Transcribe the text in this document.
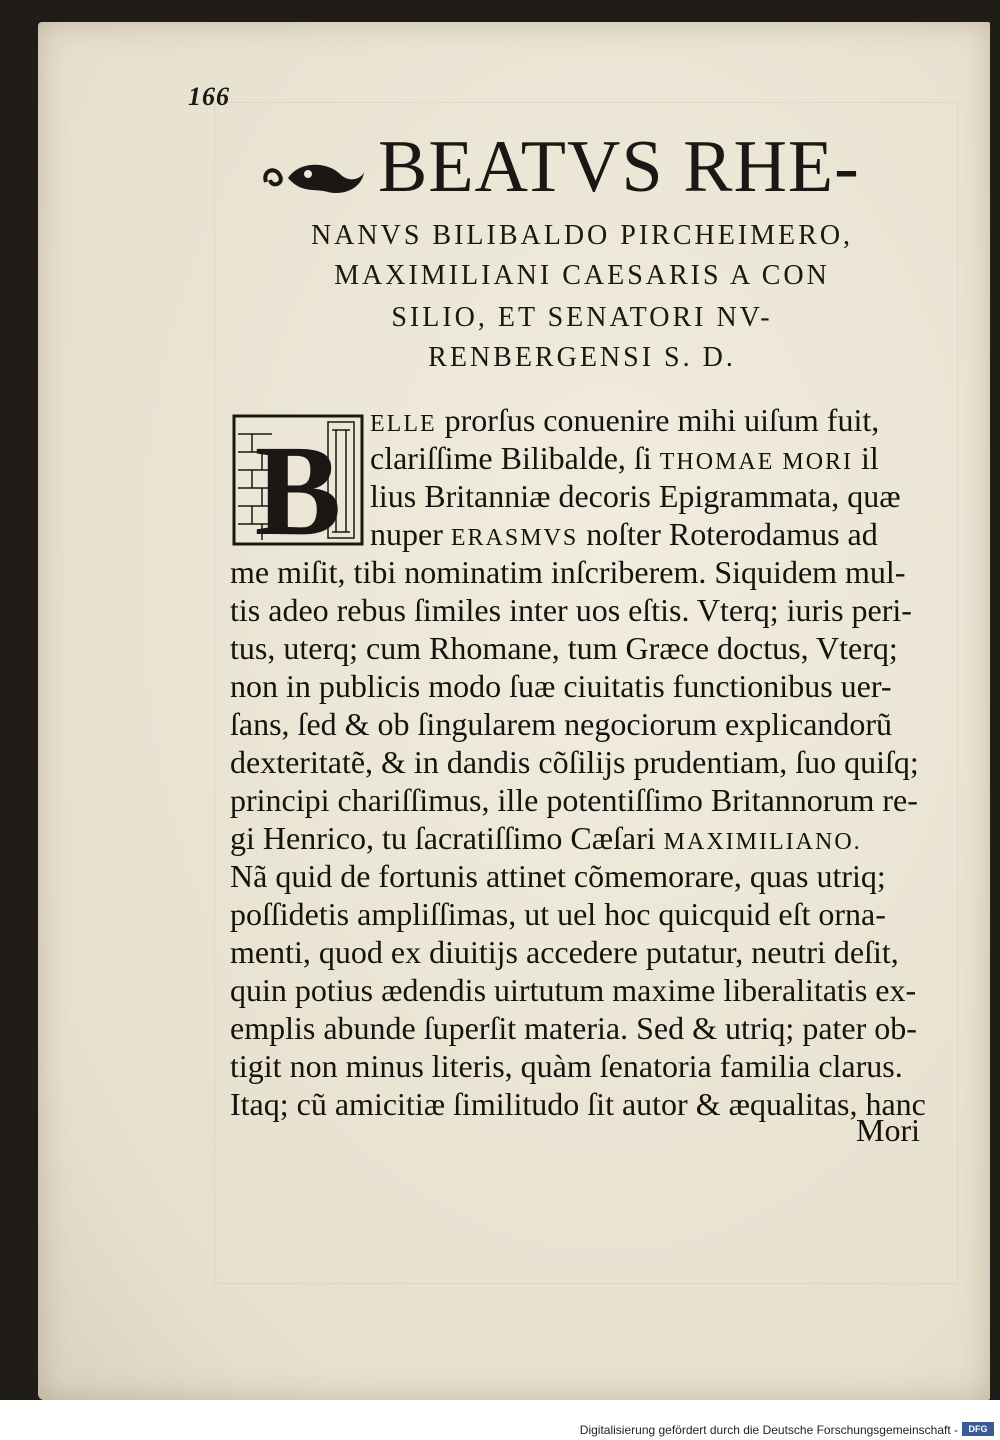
166
BEATVS RHE-
NANVS BILIBALDO PIRCHEIMERO,
MAXIMILIANI CAESARIS A CON
SILIO, ET SENATORI NV-
RENBERGENSI S. D.
B ELLE prorſus conuenire mihi uiſum fuit,
clariſſime Bilibalde, ſi THOMAE MORI il
lius Britanniæ decoris Epigrammata, quæ
nuper ERASMVS noſter Roterodamus ad
me miſit, tibi nominatim inſcriberem. Siquidem mul-
tis adeo rebus ſimiles inter uos eſtis. Vterq; iuris peri-
tus, uterq; cum Rhomane, tum Græce doctus, Vterq;
non in publicis modo ſuæ ciuitatis functionibus uer-
ſans, ſed & ob ſingularem negociorum explicandorũ
dexteritatẽ, & in dandis cõſilijs prudentiam, ſuo quiſq;
principi chariſſimus, ille potentiſſimo Britannorum re-
gi Henrico, tu ſacratiſſimo Cæſari MAXIMILIANO.
Nã quid de fortunis attinet cõmemorare, quas utriq;
poſſidetis ampliſſimas, ut uel hoc quicquid eſt orna-
menti, quod ex diuitijs accedere putatur, neutri deſit,
quin potius ædendis uirtutum maxime liberalitatis ex-
emplis abunde ſuperſit materia. Sed & utriq; pater ob-
tigit non minus literis, quàm ſenatoria familia clarus.
Itaq; cũ amicitiæ ſimilitudo ſit autor & æqualitas, hanc
Mori
Digitalisierung gefördert durch die Deutsche Forschungsgemeinschaft -	DFG
